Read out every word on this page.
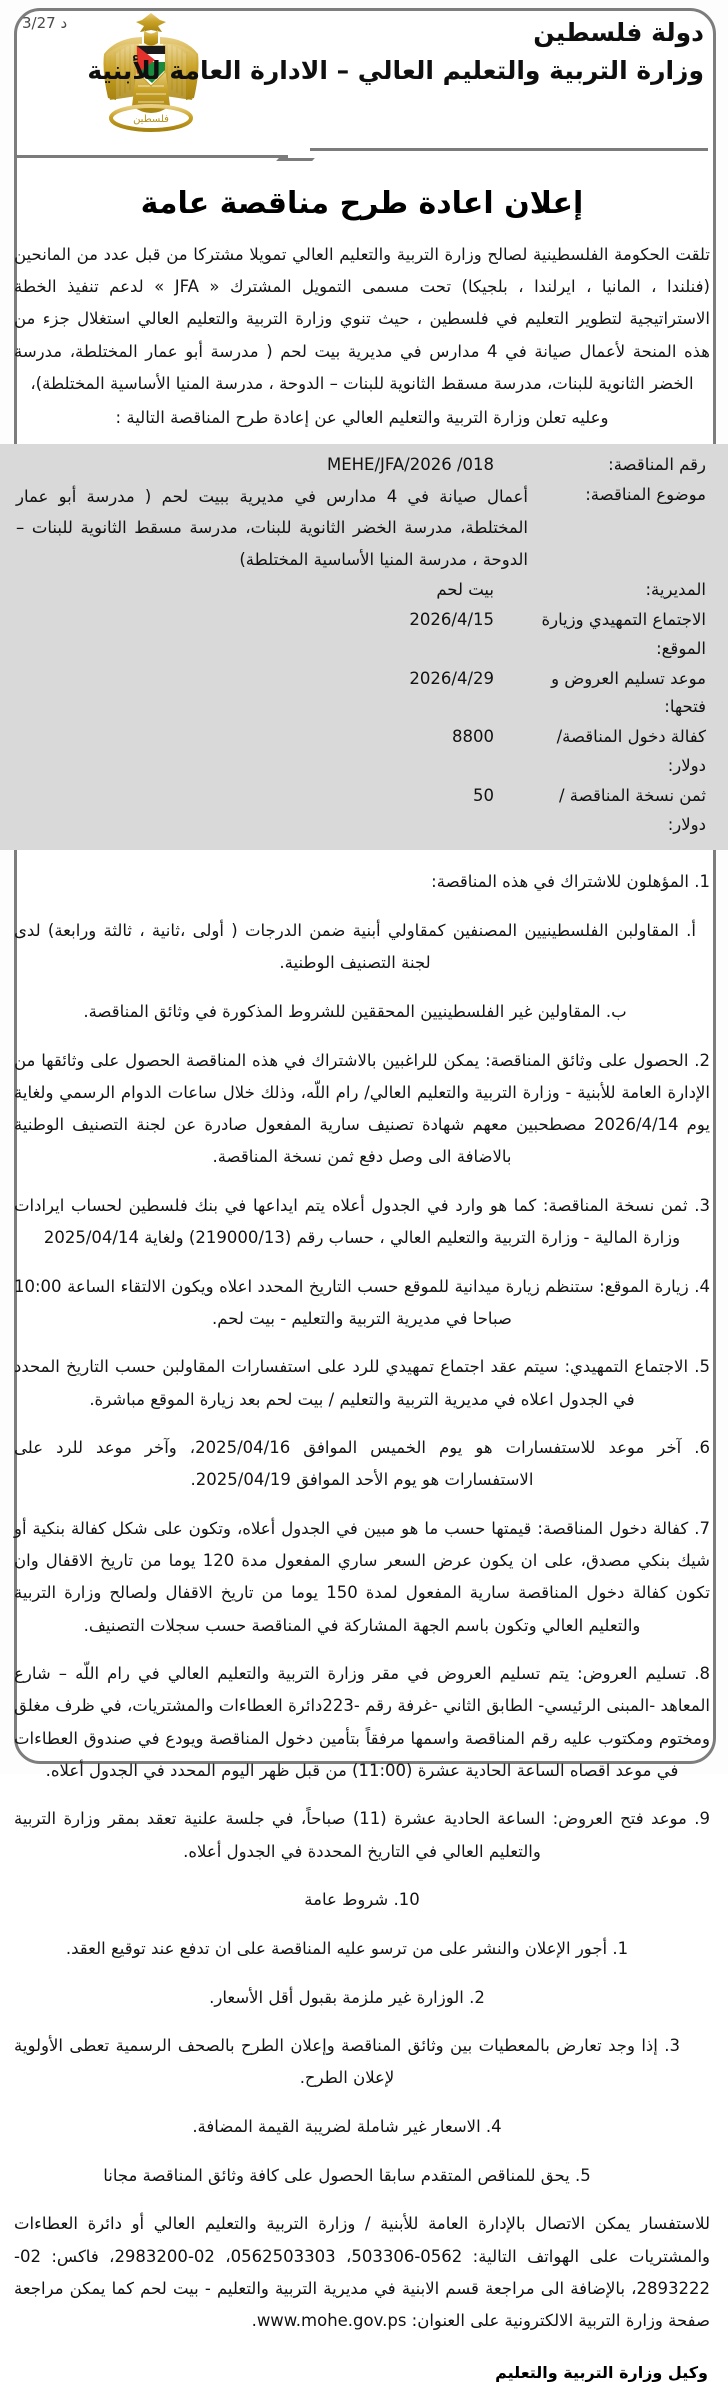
3/27 د
فلسطين
دولة فلسطين
وزارة التربية والتعليم العالي – الادارة العامة للأبنية
إعلان اعادة طرح مناقصة عامة

تلقت الحكومة الفلسطينية لصالح وزارة التربية والتعليم العالي تمويلا مشتركا من قبل عدد من المانحين (فنلندا ، المانيا ، ايرلندا ، بلجيكا) تحت مسمى التمويل المشترك « JFA » لدعم تنفيذ الخطة الاستراتيجية لتطوير التعليم في فلسطين ، حيث تنوي وزارة التربية والتعليم العالي استغلال جزء من هذه المنحة لأعمال صيانة في 4 مدارس في مديرية بيت لحم ( مدرسة أبو عمار المختلطة، مدرسة الخضر الثانوية للبنات، مدرسة مسقط الثانوية للبنات – الدوحة ، مدرسة المنيا الأساسية المختلطة)،

وعليه تعلن وزارة التربية والتعليم العالي عن إعادة طرح المناقصة التالية :

رقم المناقصة:
MEHE/JFA/2026 /018
موضوع المناقصة:
أعمال صيانة في 4 مدارس في مديرية ببيت لحم ( مدرسة أبو عمار المختلطة، مدرسة الخضر الثانوية للبنات، مدرسة مسقط الثانوية للبنات – الدوحة ، مدرسة المنيا الأساسية المختلطة)
المديرية:
بيت لحم
الاجتماع التمهيدي وزيارة الموقع:
2026/4/15
موعد تسليم العروض و فتحها:
2026/4/29
كفالة دخول المناقصة/دولار:
8800
ثمن نسخة المناقصة /دولار:
50

1. المؤهلون للاشتراك في هذه المناقصة:

أ. المقاولبن الفلسطينيين المصنفين كمقاولي أبنية ضمن الدرجات ( أولى ،ثانية ، ثالثة ورابعة) لدى لجنة التصنيف الوطنية.

ب. المقاولين غير الفلسطينيين المحققين للشروط المذكورة في وثائق المناقصة.

2. الحصول على وثائق المناقصة: يمكن للراغبين بالاشتراك في هذه المناقصة الحصول على وثائقها من الإدارة العامة للأبنية - وزارة التربية والتعليم العالي/ رام اللّه، وذلك خلال ساعات الدوام الرسمي ولغاية يوم 2026/4/14 مصطحبين معهم شهادة تصنيف سارية المفعول صادرة عن لجنة التصنيف الوطنية بالاضافة الى وصل دفع ثمن نسخة المناقصة.

3. ثمن نسخة المناقصة: كما هو وارد في الجدول أعلاه يتم ايداعها في بنك فلسطين لحساب ايرادات وزارة المالية - وزارة التربية والتعليم العالي ، حساب رقم (219000/13) ولغاية 2025/04/14

4. زيارة الموقع: ستنظم زيارة ميدانية للموقع حسب التاريخ المحدد اعلاه ويكون الالتقاء الساعة 10:00 صباحا في مديرية التربية والتعليم - بيت لحم.

5. الاجتماع التمهيدي: سيتم عقد اجتماع تمهيدي للرد على استفسارات المقاولبن حسب التاريخ المحدد في الجدول اعلاه في مديرية التربية والتعليم / بيت لحم بعد زيارة الموقع مباشرة.

6. آخر موعد للاستفسارات هو يوم الخميس الموافق 2025/04/16، وآخر موعد للرد على الاستفسارات هو يوم الأحد الموافق 2025/04/19.

7. كفالة دخول المناقصة: قيمتها حسب ما هو مبين في الجدول أعلاه، وتكون على شكل كفالة بنكية أو شيك بنكي مصدق، على ان يكون عرض السعر ساري المفعول مدة 120 يوما من تاريخ الاقفال وان تكون كفالة دخول المناقصة سارية المفعول لمدة 150 يوما من تاريخ الاقفال ولصالح وزارة التربية والتعليم العالي وتكون باسم الجهة المشاركة في المناقصة حسب سجلات التصنيف.

8. تسليم العروض: يتم تسليم العروض في مقر وزارة التربية والتعليم العالي في رام اللّه – شارع المعاهد -المبنى الرئيسي- الطابق الثاني -غرفة رقم -223دائرة العطاءات والمشتريات، في ظرف مغلق ومختوم ومكتوب عليه رقم المناقصة واسمها مرفقاً بتأمين دخول المناقصة ويودع في صندوق العطاءات في موعد اقصاه الساعة الحادية عشرة (11:00) من قبل ظهر اليوم المحدد في الجدول أعلاه.

9. موعد فتح العروض: الساعة الحادية عشرة (11) صباحاً، في جلسة علنية تعقد بمقر وزارة التربية والتعليم العالي في التاريخ المحددة في الجدول أعلاه.

10. شروط عامة

1. أجور الإعلان والنشر على من ترسو عليه المناقصة على ان تدفع عند توقيع العقد.

2. الوزارة غير ملزمة بقبول أقل الأسعار.

3. إذا وجد تعارض بالمعطيات بين وثائق المناقصة وإعلان الطرح بالصحف الرسمية تعطى الأولوية لإعلان الطرح.

4. الاسعار غير شاملة لضريبة القيمة المضافة.

5. يحق للمناقص المتقدم سابقا الحصول على كافة وثائق المناقصة مجانا

للاستفسار يمكن الاتصال بالإدارة العامة للأبنية / وزارة التربية والتعليم العالي أو دائرة العطاءات والمشتريات على الهواتف التالية: 0562-503306، 0562503303، 02-2983200، فاكس: 02-2893222، بالإضافة الى مراجعة قسم الابنية في مديرية التربية والتعليم - بيت لحم كما يمكن مراجعة صفحة وزارة التربية الالكترونية على العنوان: www.mohe.gov.ps.

وكيل وزارة التربية والتعليم
